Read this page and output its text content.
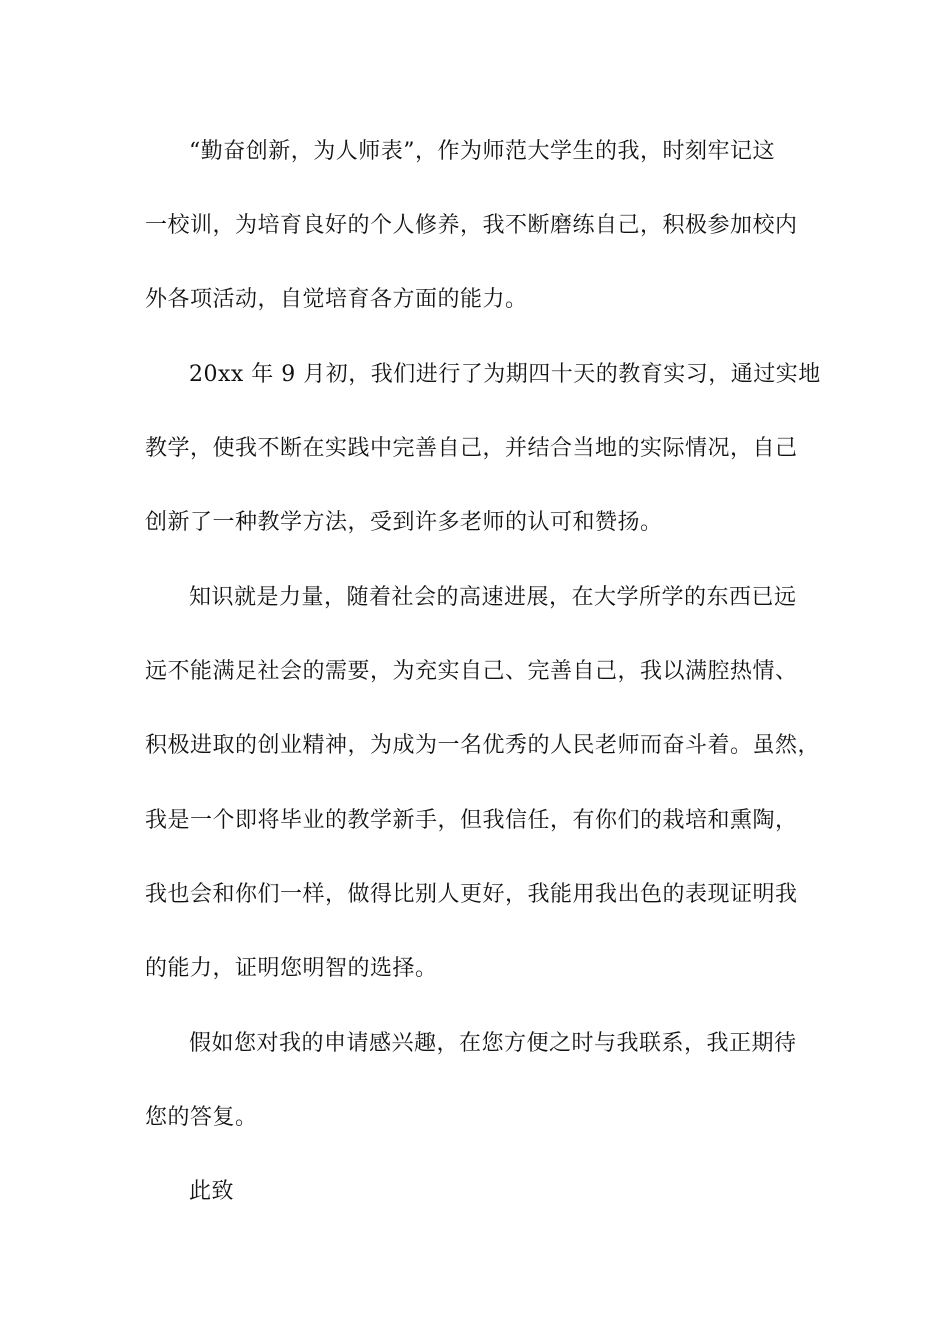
“勤奋创新，为人师表”，作为师范大学生的我，时刻牢记这
一校训，为培育良好的个人修养，我不断磨练自己，积极参加校内
外各项活动，自觉培育各方面的能力。
20xx 年 9 月初，我们进行了为期四十天的教育实习，通过实地
教学，使我不断在实践中完善自己，并结合当地的实际情况，自己
创新了一种教学方法，受到许多老师的认可和赞扬。
知识就是力量，随着社会的高速进展，在大学所学的东西已远
远不能满足社会的需要，为充实自己、完善自己，我以满腔热情、
积极进取的创业精神，为成为一名优秀的人民老师而奋斗着。虽然，
我是一个即将毕业的教学新手，但我信任，有你们的栽培和熏陶，
我也会和你们一样，做得比别人更好，我能用我出色的表现证明我
的能力，证明您明智的选择。
假如您对我的申请感兴趣，在您方便之时与我联系，我正期待
您的答复。
此致
